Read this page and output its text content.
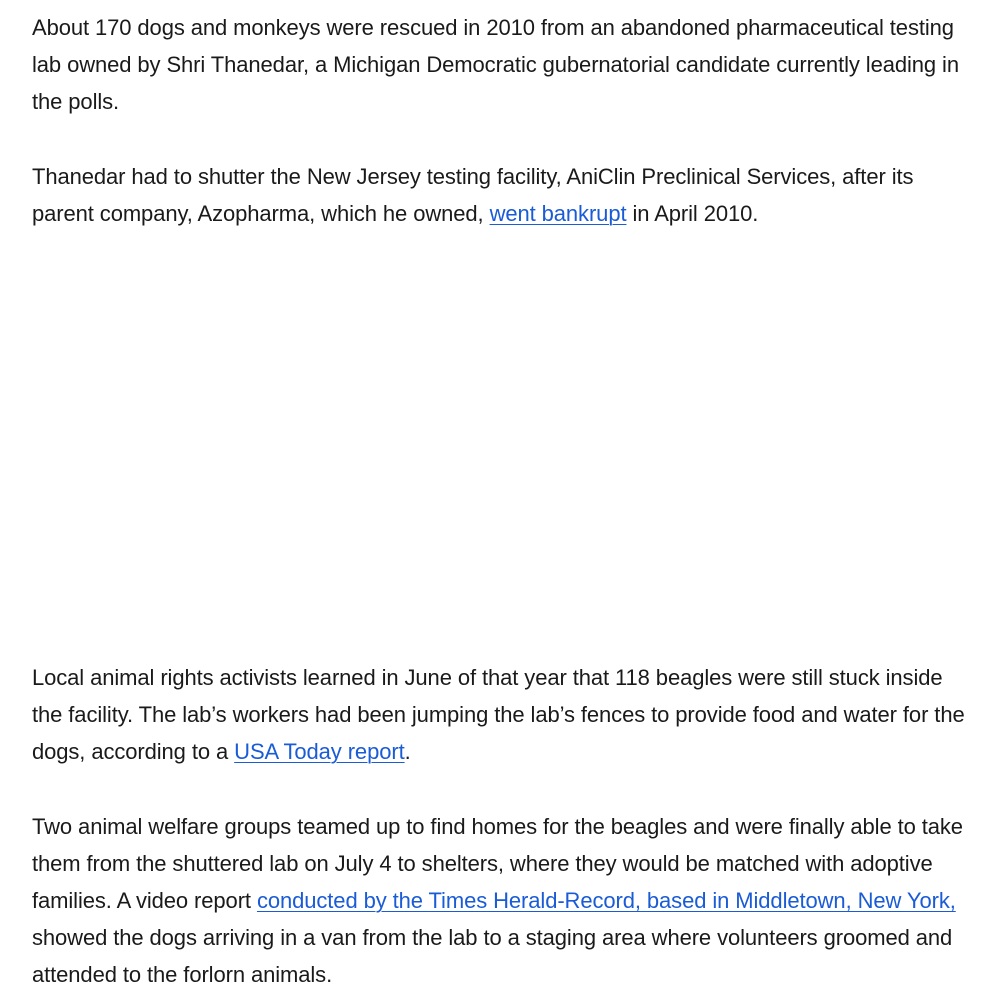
About 170 dogs and monkeys were rescued in 2010 from an abandoned pharmaceutical testing lab owned by Shri Thanedar, a Michigan Democratic gubernatorial candidate currently leading in the polls.

Thanedar had to shutter the New Jersey testing facility, AniClin Preclinical Services, after its parent company, Azopharma, which he owned, went bankrupt in April 2010.

Local animal rights activists learned in June of that year that 118 beagles were still stuck inside the facility. The lab’s workers had been jumping the lab’s fences to provide food and water for the dogs, according to a USA Today report.

Two animal welfare groups teamed up to find homes for the beagles and were finally able to take them from the shuttered lab on July 4 to shelters, where they would be matched with adoptive families. A video report conducted by the Times Herald-Record, based in Middletown, New York, showed the dogs arriving in a van from the lab to a staging area where volunteers groomed and attended to the forlorn animals.
